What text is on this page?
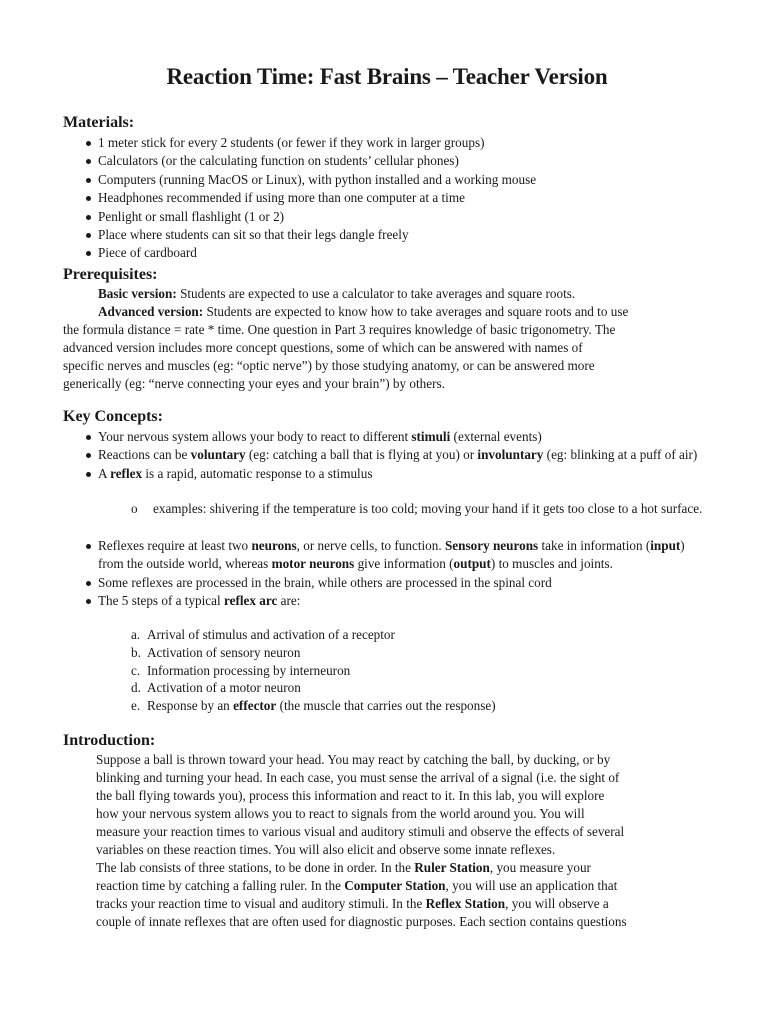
Reaction Time: Fast Brains – Teacher Version
Materials:
1 meter stick for every 2 students (or fewer if they work in larger groups)
Calculators (or the calculating function on students’ cellular phones)
Computers (running MacOS or Linux), with python installed and a working mouse
Headphones recommended if using more than one computer at a time
Penlight or small flashlight (1 or 2)
Place where students can sit so that their legs dangle freely
Piece of cardboard
Prerequisites:
Basic version: Students are expected to use a calculator to take averages and square roots.
Advanced version: Students are expected to know how to take averages and square roots and to use
the formula distance = rate * time. One question in Part 3 requires knowledge of basic trigonometry. The
advanced version includes more concept questions, some of which can be answered with names of
specific nerves and muscles (eg: “optic nerve”) by those studying anatomy, or can be answered more
generically (eg: “nerve connecting your eyes and your brain”) by others.
Key Concepts:
Your nervous system allows your body to react to different stimuli (external events)
Reactions can be voluntary (eg: catching a ball that is flying at you) or involuntary (eg: blinking at a puff of air)
A reflex is a rapid, automatic response to a stimulus
o examples: shivering if the temperature is too cold; moving your hand if it gets too close to a hot surface.
Reflexes require at least two neurons, or nerve cells, to function. Sensory neurons take in information (input) from the outside world, whereas motor neurons give information (output) to muscles and joints.
Some reflexes are processed in the brain, while others are processed in the spinal cord
The 5 steps of a typical reflex arc are:
a. Arrival of stimulus and activation of a receptor
b. Activation of sensory neuron
c. Information processing by interneuron
d. Activation of a motor neuron
e. Response by an effector (the muscle that carries out the response)
Introduction:
Suppose a ball is thrown toward your head. You may react by catching the ball, by ducking, or by
blinking and turning your head. In each case, you must sense the arrival of a signal (i.e. the sight of
the ball flying towards you), process this information and react to it. In this lab, you will explore
how your nervous system allows you to react to signals from the world around you. You will
measure your reaction times to various visual and auditory stimuli and observe the effects of several
variables on these reaction times. You will also elicit and observe some innate reflexes.
The lab consists of three stations, to be done in order. In the Ruler Station, you measure your
reaction time by catching a falling ruler. In the Computer Station, you will use an application that
tracks your reaction time to visual and auditory stimuli. In the Reflex Station, you will observe a
couple of innate reflexes that are often used for diagnostic purposes. Each section contains questions
